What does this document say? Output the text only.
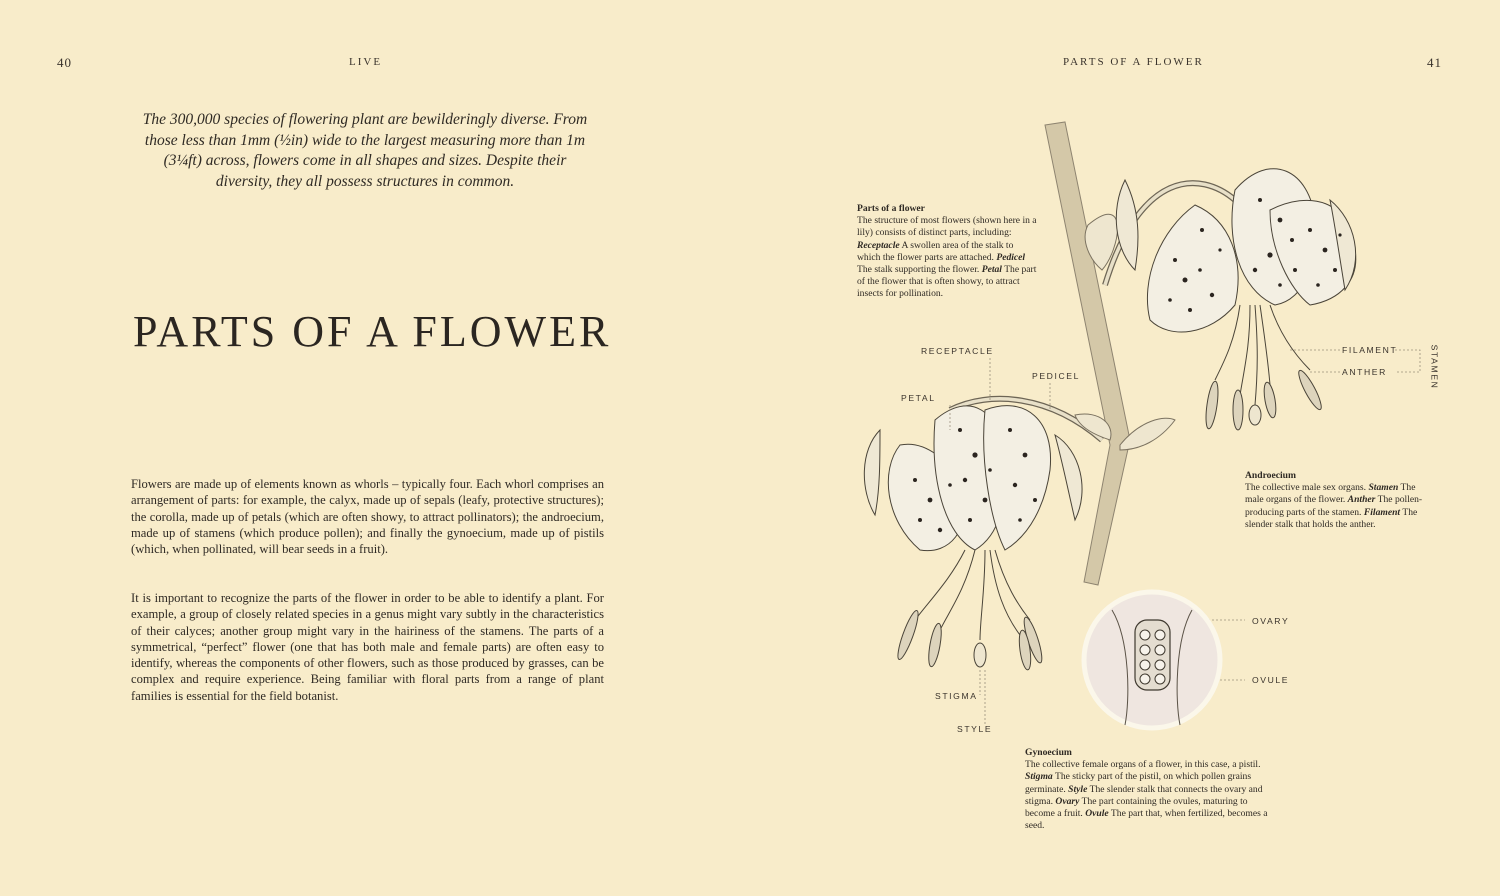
40	LIVE
The 300,000 species of flowering plant are bewilderingly diverse. From those less than 1mm (½in) wide to the largest measuring more than 1m (3¼ft) across, flowers come in all shapes and sizes. Despite their diversity, they all possess structures in common.
PARTS OF A FLOWER

Flowers are made up of elements known as whorls – typically four. Each whorl comprises an arrangement of parts: for example, the calyx, made up of sepals (leafy, protective structures); the corolla, made up of petals (which are often showy, to attract pollinators); the androecium, made up of stamens (which produce pollen); and finally the gynoecium, made up of pistils (which, when pollinated, will bear seeds in a fruit).

It is important to recognize the parts of the flower in order to be able to identify a plant. For example, a group of closely related species in a genus might vary subtly in the characteristics of their calyces; another group might vary in the hairiness of the stamens. The parts of a symmetrical, “perfect” flower (one that has both male and female parts) are often easy to identify, whereas the components of other flowers, such as those produced by grasses, can be complex and require experience. Being familiar with floral parts from a range of plant families is essential for the field botanist.

PARTS OF A FLOWER	41
Parts of a flower
The structure of most flowers (shown here in a lily) consists of distinct parts, including: Receptacle A swollen area of the stalk to which the flower parts are attached. Pedicel The stalk supporting the flower. Petal The part of the flower that is often showy, to attract insects for pollination.
Androecium
The collective male sex organs. Stamen The male organs of the flower. Anther The pollen-producing parts of the stamen. Filament The slender stalk that holds the anther.
Gynoecium
The collective female organs of a flower, in this case, a pistil. Stigma The sticky part of the pistil, on which pollen grains germinate. Style The slender stalk that connects the ovary and stigma. Ovary The part containing the ovules, maturing to become a fruit. Ovule The part that, when fertilized, becomes a seed.
RECEPTACLE
PEDICEL
PETAL
FILAMENT
ANTHER	STAMEN
OVARY
OVULE
STIGMA
STYLE
